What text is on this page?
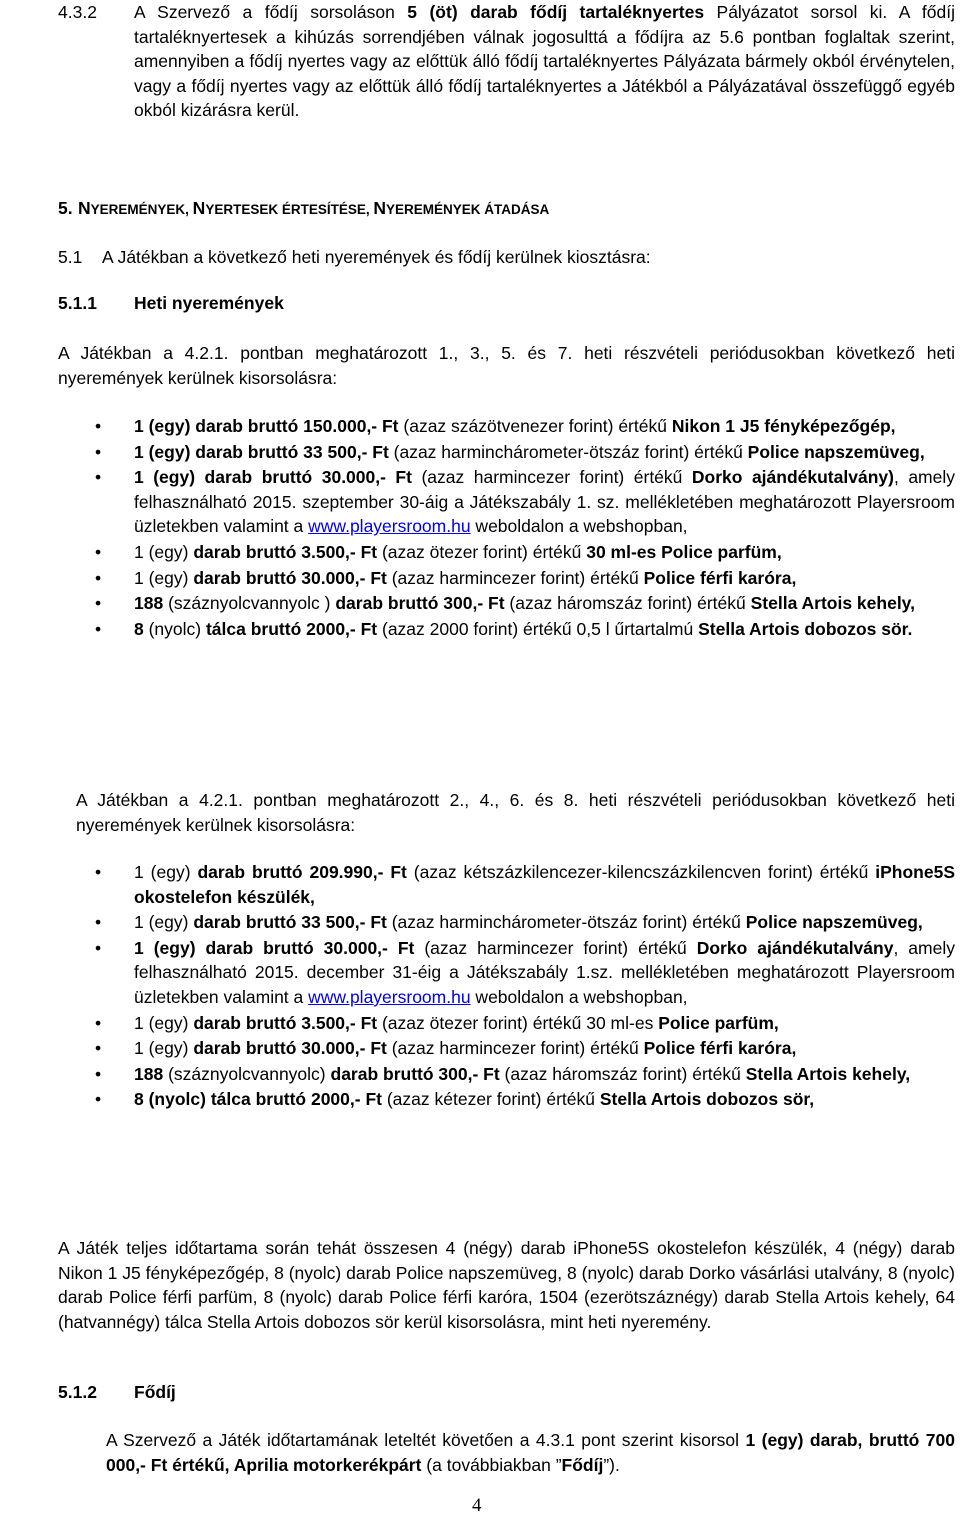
4.3.2 A Szervező a fődíj sorsoláson 5 (öt) darab fődíj tartaléknyertes Pályázatot sorsol ki. A fődíj tartaléknyertesek a kihúzás sorrendjében válnak jogosulttá a fődíjra az 5.6 pontban foglaltak szerint, amennyiben a fődíj nyertes vagy az előttük álló fődíj tartaléknyertes Pályázata bármely okból érvénytelen, vagy a fődíj nyertes vagy az előttük álló fődíj tartaléknyertes a Játékból a Pályázatával összefüggő egyéb okból kizárásra kerül.
5. NYEREMÉNYEK, NYERTESEK ÉRTESÍTÉSE, NYEREMÉNYEK ÁTADÁSA
5.1 A Játékban a következő heti nyeremények és fődíj kerülnek kiosztásra:
5.1.1 Heti nyeremények
A Játékban a 4.2.1. pontban meghatározott 1., 3., 5. és 7. heti részvételi periódusokban következő heti nyeremények kerülnek kisorsolásra:
• 1 (egy) darab bruttó 150.000,- Ft (azaz százötvenezer forint) értékű Nikon 1 J5 fényképezőgép,
• 1 (egy) darab bruttó 33 500,- Ft (azaz harminchárometer-ötszáz forint) értékű Police napszemüveg,
• 1 (egy) darab bruttó 30.000,- Ft (azaz harmincezer forint) értékű Dorko ajándékutalvány), amely felhasználható 2015. szeptember 30-áig a Játékszabály 1. sz. mellékletében meghatározott Playersroom üzletekben valamint a www.playersroom.hu weboldalon a webshopban,
• 1 (egy) darab bruttó 3.500,- Ft (azaz ötezer forint) értékű 30 ml-es Police parfüm,
• 1 (egy) darab bruttó 30.000,- Ft (azaz harmincezer forint) értékű Police férfi karóra,
• 188 (száznyolcvannyolc ) darab bruttó 300,- Ft (azaz háromszáz forint) értékű Stella Artois kehely,
• 8 (nyolc) tálca bruttó 2000,- Ft (azaz 2000 forint) értékű 0,5 l űrtartalmú Stella Artois dobozos sör.
A Játékban a 4.2.1. pontban meghatározott 2., 4., 6. és 8. heti részvételi periódusokban következő heti nyeremények kerülnek kisorsolásra:
• 1 (egy) darab bruttó 209.990,- Ft (azaz kétszázkilencezer-kilencszázkilencven forint) értékű iPhone5S okostelefon készülék,
• 1 (egy) darab bruttó 33 500,- Ft (azaz harminchárometer-ötszáz forint) értékű Police napszemüveg,
• 1 (egy) darab bruttó 30.000,- Ft (azaz harmincezer forint) értékű Dorko ajándékutalvány, amely felhasználható 2015. december 31-éig a Játékszabály 1.sz. mellékletében meghatározott Playersroom üzletekben valamint a www.playersroom.hu weboldalon a webshopban,
• 1 (egy) darab bruttó 3.500,- Ft (azaz ötezer forint) értékű 30 ml-es Police parfüm,
• 1 (egy) darab bruttó 30.000,- Ft (azaz harmincezer forint) értékű Police férfi karóra,
• 188 (száznyolcvannyolc) darab bruttó 300,- Ft (azaz háromszáz forint) értékű Stella Artois kehely,
• 8 (nyolc) tálca bruttó 2000,- Ft (azaz kétezer forint) értékű Stella Artois dobozos sör,
A Játék teljes időtartama során tehát összesen 4 (négy) darab iPhone5S okostelefon készülék, 4 (négy) darab Nikon 1 J5 fényképezőgép, 8 (nyolc) darab Police napszemüveg, 8 (nyolc) darab Dorko vásárlási utalvány, 8 (nyolc) darab Police férfi parfüm, 8 (nyolc) darab Police férfi karóra, 1504 (ezerötszáznégy) darab Stella Artois kehely, 64 (hatvannégy) tálca Stella Artois dobozos sör kerül kisorsolásra, mint heti nyeremény.
5.1.2 Fődíj
A Szervező a Játék időtartamának leteltét követően a 4.3.1 pont szerint kisorsol 1 (egy) darab, bruttó 700 000,- Ft értékű, Aprilia motorkerékpárt (a továbbiakban ”Fődíj”).
4
